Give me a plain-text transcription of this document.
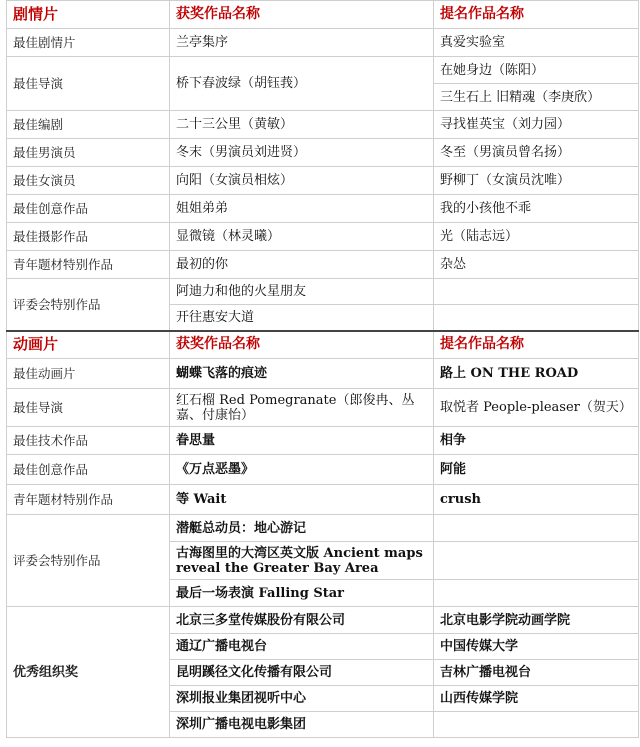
剧情片	获奖作品名称	提名作品名称
最佳剧情片	兰亭集序	真爱实验室
最佳导演	桥下春波绿（胡钰莪）	在她身边（陈阳）
		三生石上 旧精魂（李庚欣）
最佳编剧	二十三公里（黄敏）	寻找崔英宝（刘力园）
最佳男演员	冬末（男演员刘进贤）	冬至（男演员曾名扬）
最佳女演员	向阳（女演员相炫）	野柳丁（女演员沈唯）
最佳创意作品	姐姐弟弟	我的小孩他不乖
最佳摄影作品	显微镜（林灵曦）	光（陆志远）
青年题材特别作品	最初的你	杂怂
评委会特别作品	阿迪力和他的火星朋友	
	开往惠安大道	
动画片	获奖作品名称	提名作品名称
最佳动画片	蝴蝶飞落的痕迹	路上 ON THE ROAD
最佳导演	红石榴 Red Pomegranate（郎俊冉、丛嘉、付康怡）	取悦者 People-pleaser（贺天）
最佳技术作品	眷思量	相争
最佳创意作品	《万点恶墨》	阿能
青年题材特别作品	等 Wait	crush
评委会特别作品	潜艇总动员：地心游记	
	古海图里的大湾区英文版 Ancient maps reveal the Greater Bay Area	
	最后一场表演 Falling Star	
优秀组织奖	北京三多堂传媒股份有限公司	北京电影学院动画学院
	通辽广播电视台	中国传媒大学
	昆明蹊径文化传播有限公司	吉林广播电视台
	深圳报业集团视听中心	山西传媒学院
	深圳广播电视电影集团	
